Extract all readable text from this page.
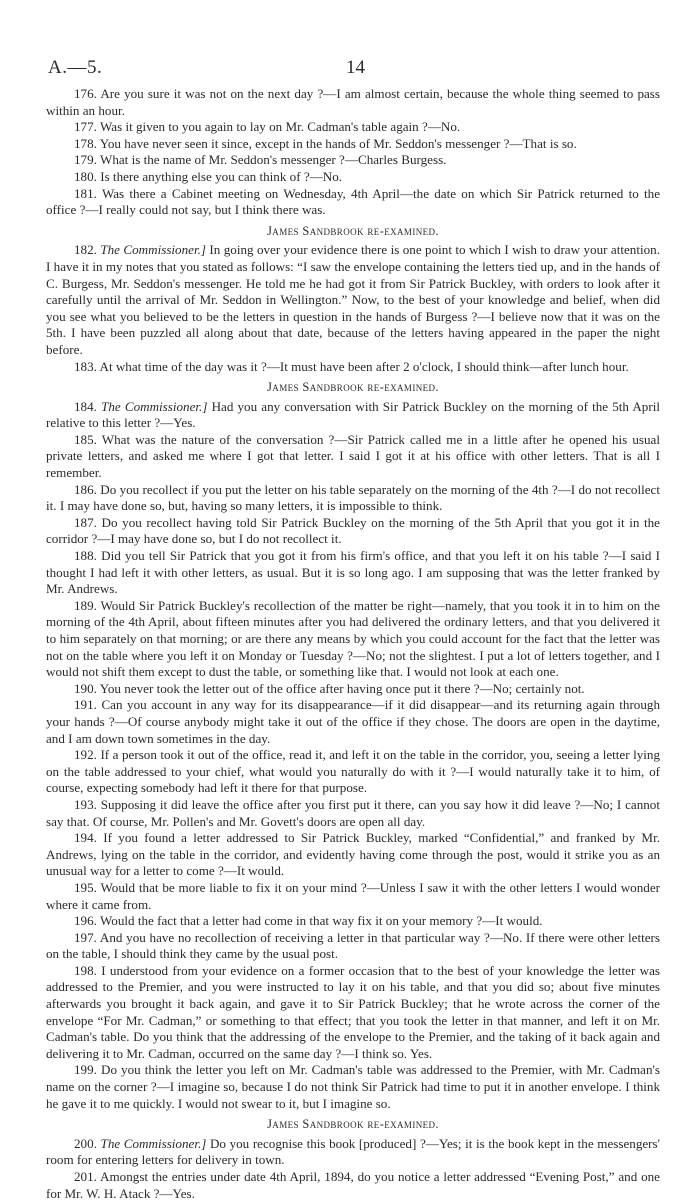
A.—5.	14

176. Are you sure it was not on the next day ?—I am almost certain, because the whole thing seemed to pass within an hour.

177. Was it given to you again to lay on Mr. Cadman's table again ?—No.

178. You have never seen it since, except in the hands of Mr. Seddon's messenger ?—That is so.

179. What is the name of Mr. Seddon's messenger ?—Charles Burgess.

180. Is there anything else you can think of ?—No.

181. Was there a Cabinet meeting on Wednesday, 4th April—the date on which Sir Patrick returned to the office ?—I really could not say, but I think there was.

James Sandbrook re-examined.

182. The Commissioner.] In going over your evidence there is one point to which I wish to draw your attention. I have it in my notes that you stated as follows: “I saw the envelope containing the letters tied up, and in the hands of C. Burgess, Mr. Seddon's messenger. He told me he had got it from Sir Patrick Buckley, with orders to look after it carefully until the arrival of Mr. Seddon in Wellington.” Now, to the best of your knowledge and belief, when did you see what you believed to be the letters in question in the hands of Burgess ?—I believe now that it was on the 5th. I have been puzzled all along about that date, because of the letters having appeared in the paper the night before.

183. At what time of the day was it ?—It must have been after 2 o'clock, I should think—after lunch hour.

James Sandbrook re-examined.

184. The Commissioner.] Had you any conversation with Sir Patrick Buckley on the morning of the 5th April relative to this letter ?—Yes.

185. What was the nature of the conversation ?—Sir Patrick called me in a little after he opened his usual private letters, and asked me where I got that letter. I said I got it at his office with other letters. That is all I remember.

186. Do you recollect if you put the letter on his table separately on the morning of the 4th ?—I do not recollect it. I may have done so, but, having so many letters, it is impossible to think.

187. Do you recollect having told Sir Patrick Buckley on the morning of the 5th April that you got it in the corridor ?—I may have done so, but I do not recollect it.

188. Did you tell Sir Patrick that you got it from his firm's office, and that you left it on his table ?—I said I thought I had left it with other letters, as usual. But it is so long ago. I am supposing that was the letter franked by Mr. Andrews.

189. Would Sir Patrick Buckley's recollection of the matter be right—namely, that you took it in to him on the morning of the 4th April, about fifteen minutes after you had delivered the ordinary letters, and that you delivered it to him separately on that morning; or are there any means by which you could account for the fact that the letter was not on the table where you left it on Monday or Tuesday ?—No; not the slightest. I put a lot of letters together, and I would not shift them except to dust the table, or something like that. I would not look at each one.

190. You never took the letter out of the office after having once put it there ?—No; certainly not.

191. Can you account in any way for its disappearance—if it did disappear—and its returning again through your hands ?—Of course anybody might take it out of the office if they chose. The doors are open in the daytime, and I am down town sometimes in the day.

192. If a person took it out of the office, read it, and left it on the table in the corridor, you, seeing a letter lying on the table addressed to your chief, what would you naturally do with it ?—I would naturally take it to him, of course, expecting somebody had left it there for that purpose.

193. Supposing it did leave the office after you first put it there, can you say how it did leave ?—No; I cannot say that. Of course, Mr. Pollen's and Mr. Govett's doors are open all day.

194. If you found a letter addressed to Sir Patrick Buckley, marked “Confidential,” and franked by Mr. Andrews, lying on the table in the corridor, and evidently having come through the post, would it strike you as an unusual way for a letter to come ?—It would.

195. Would that be more liable to fix it on your mind ?—Unless I saw it with the other letters I would wonder where it came from.

196. Would the fact that a letter had come in that way fix it on your memory ?—It would.

197. And you have no recollection of receiving a letter in that particular way ?—No. If there were other letters on the table, I should think they came by the usual post.

198. I understood from your evidence on a former occasion that to the best of your knowledge the letter was addressed to the Premier, and you were instructed to lay it on his table, and that you did so; about five minutes afterwards you brought it back again, and gave it to Sir Patrick Buckley; that he wrote across the corner of the envelope “For Mr. Cadman,” or something to that effect; that you took the letter in that manner, and left it on Mr. Cadman's table. Do you think that the addressing of the envelope to the Premier, and the taking of it back again and delivering it to Mr. Cadman, occurred on the same day ?—I think so. Yes.

199. Do you think the letter you left on Mr. Cadman's table was addressed to the Premier, with Mr. Cadman's name on the corner ?—I imagine so, because I do not think Sir Patrick had time to put it in another envelope. I think he gave it to me quickly. I would not swear to it, but I imagine so.

James Sandbrook re-examined.

200. The Commissioner.] Do you recognise this book [produced] ?—Yes; it is the book kept in the messengers' room for entering letters for delivery in town.

201. Amongst the entries under date 4th April, 1894, do you notice a letter addressed “Evening Post,” and one for Mr. W. H. Atack ?—Yes.
